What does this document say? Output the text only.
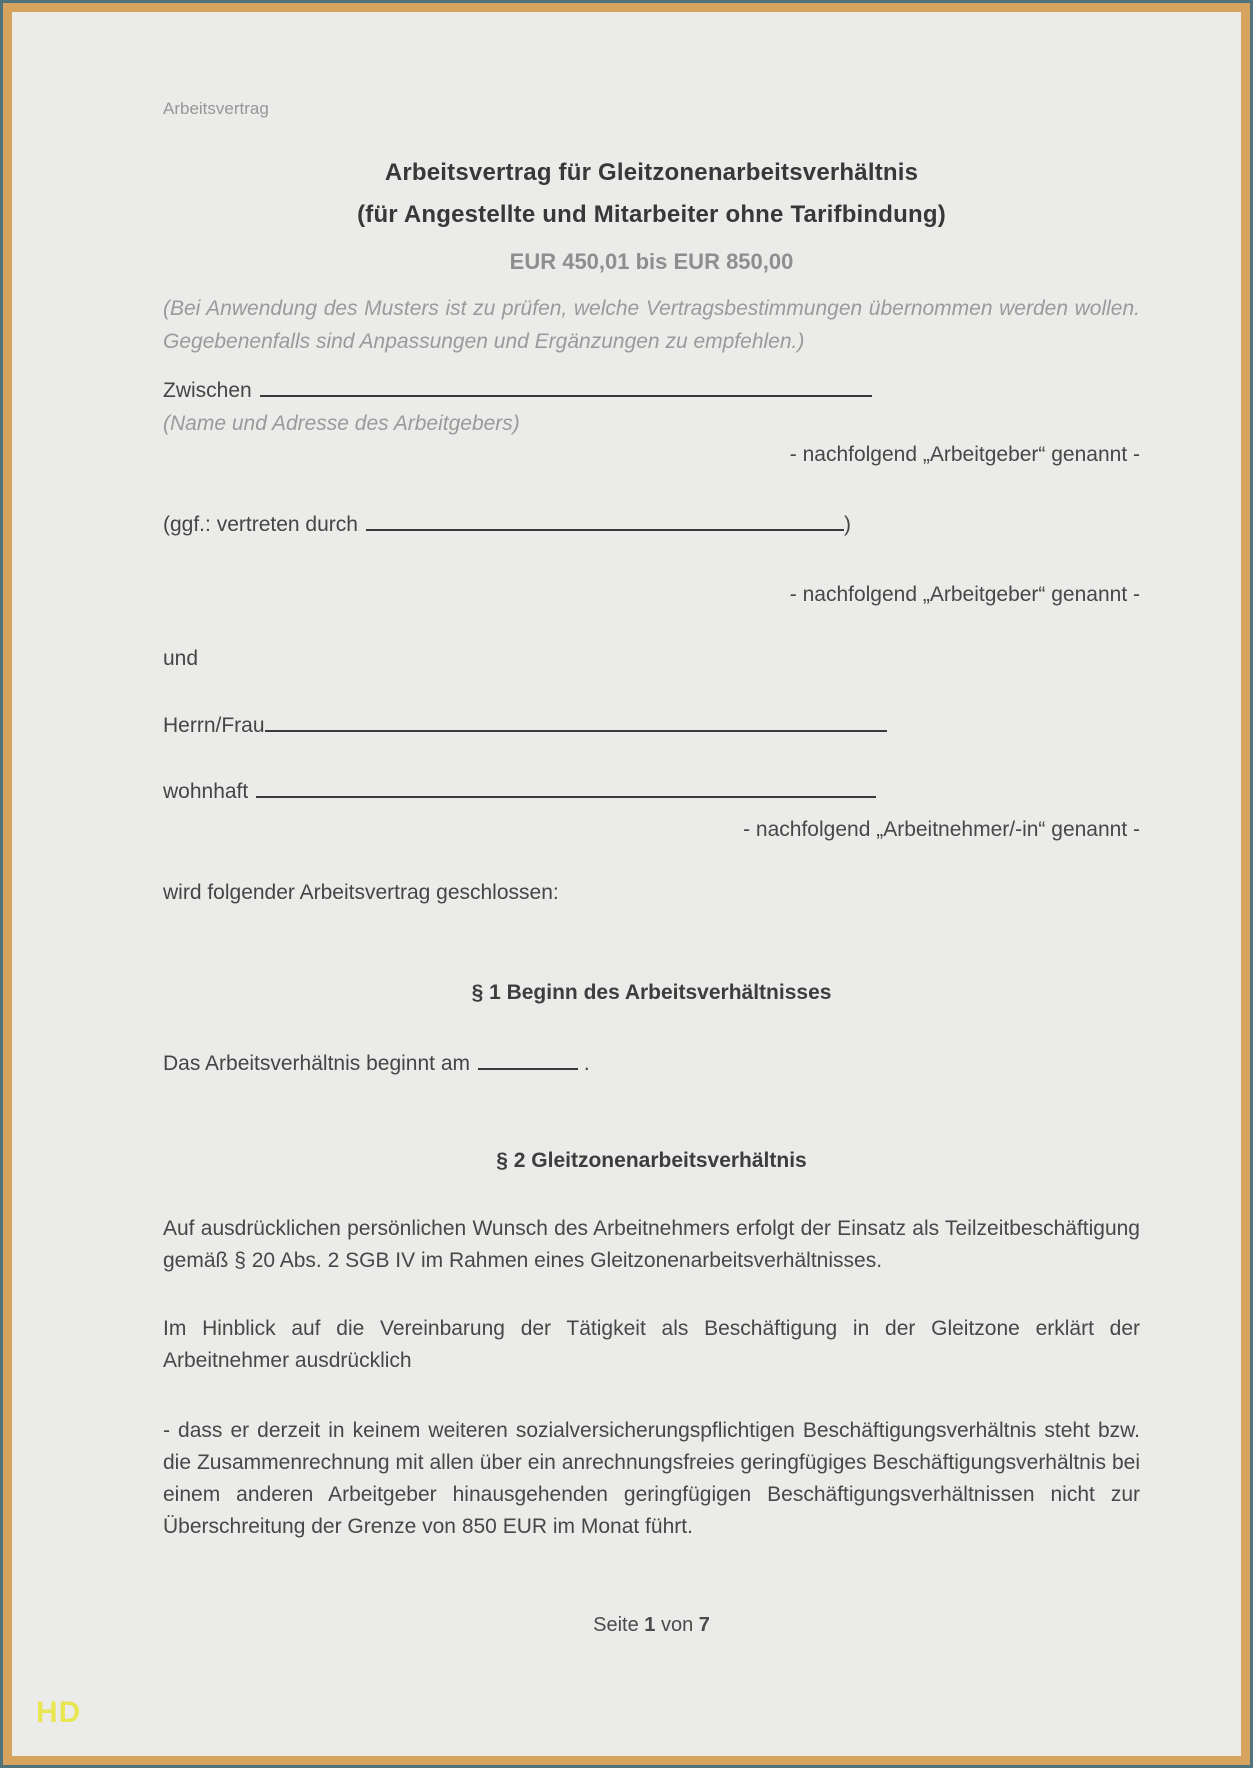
Arbeitsvertrag
Arbeitsvertrag für Gleitzonenarbeitsverhältnis
(für Angestellte und Mitarbeiter ohne Tarifbindung)
EUR 450,01 bis EUR 850,00
(Bei Anwendung des Musters ist zu prüfen, welche Vertragsbestimmungen übernommen werden wollen. Gegebenenfalls sind Anpassungen und Ergänzungen zu empfehlen.)
Zwischen
(Name und Adresse des Arbeitgebers)
- nachfolgend „Arbeitgeber“ genannt -
(ggf.: vertreten durch	)
- nachfolgend „Arbeitgeber“ genannt -
und
Herrn/Frau
wohnhaft
- nachfolgend „Arbeitnehmer/-in“ genannt -
wird folgender Arbeitsvertrag geschlossen:
§ 1 Beginn des Arbeitsverhältnisses
Das Arbeitsverhältnis beginnt am	.
§ 2 Gleitzonenarbeitsverhältnis

Auf ausdrücklichen persönlichen Wunsch des Arbeitnehmers erfolgt der Einsatz als Teilzeitbeschäftigung gemäß § 20 Abs. 2 SGB IV im Rahmen eines Gleitzonenarbeitsverhältnisses.

Im Hinblick auf die Vereinbarung der Tätigkeit als Beschäftigung in der Gleitzone erklärt der Arbeitnehmer ausdrücklich

- dass er derzeit in keinem weiteren sozialversicherungspflichtigen Beschäftigungsverhältnis steht bzw. die Zusammenrechnung mit allen über ein anrechnungsfreies geringfügiges Beschäftigungsverhältnis bei einem anderen Arbeitgeber hinausgehenden geringfügigen Beschäftigungsverhältnissen nicht zur Überschreitung der Grenze von 850 EUR im Monat führt.

Seite 1 von 7
HD
